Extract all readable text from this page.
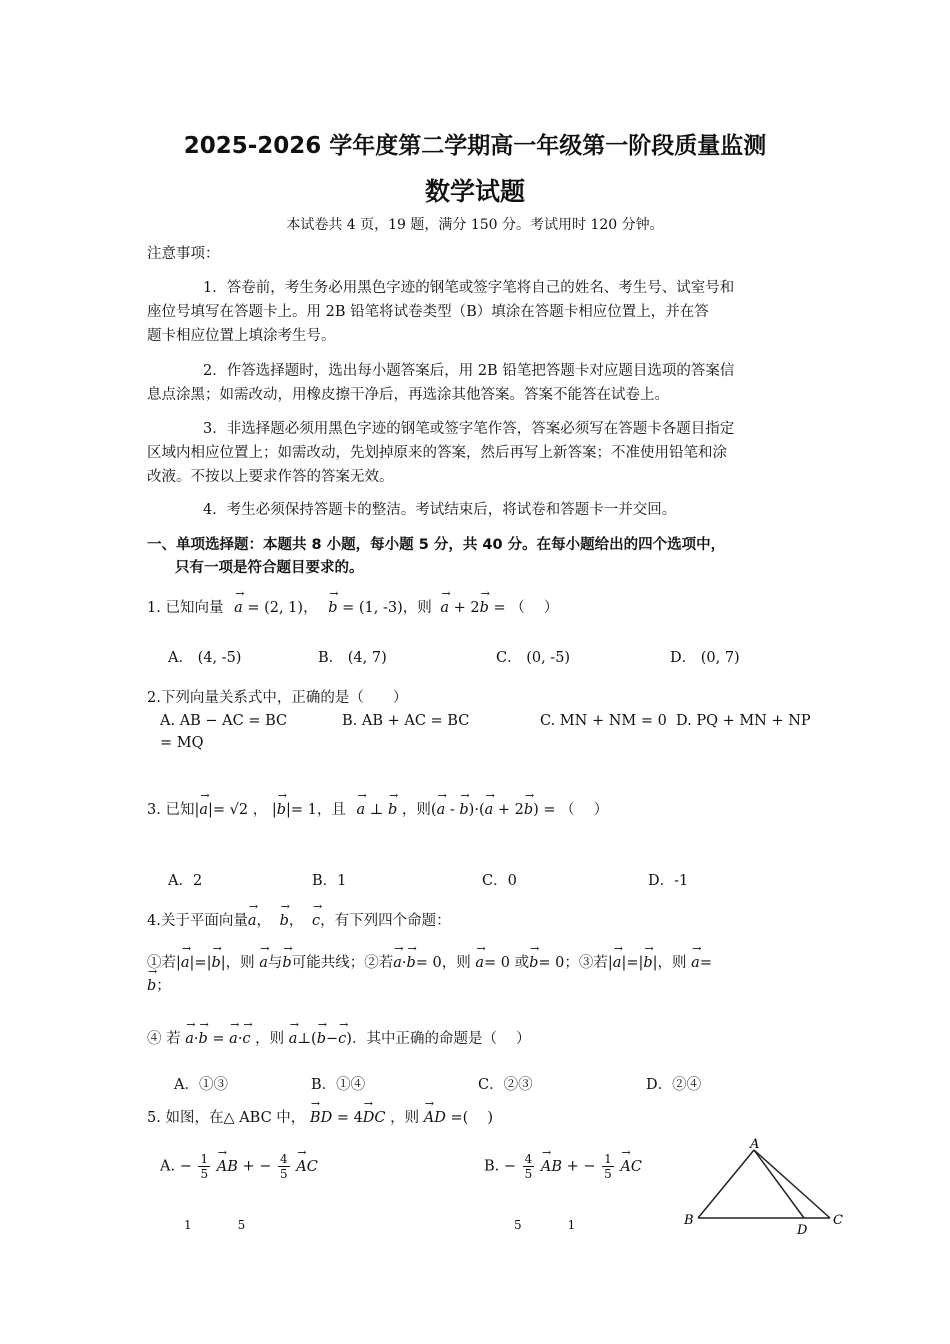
2025-2026 学年度第二学期高一年级第一阶段质量监测
数学试题
本试卷共 4 页，19 题，满分 150 分。考试用时 120 分钟。
注意事项：
1．答卷前，考生务必用黑色字迹的钢笔或签字笔将自己的姓名、考生号、试室号和
座位号填写在答题卡上。用 2B 铅笔将试卷类型（B）填涂在答题卡相应位置上，并在答
题卡相应位置上填涂考生号。
2．作答选择题时，选出每小题答案后，用 2B 铅笔把答题卡对应题目选项的答案信
息点涂黑；如需改动，用橡皮擦干净后，再选涂其他答案。答案不能答在试卷上。
3．非选择题必须用黑色字迹的钢笔或签字笔作答，答案必须写在答题卡各题目指定
区域内相应位置上；如需改动，先划掉原来的答案，然后再写上新答案；不准使用铅笔和涂
改液。不按以上要求作答的答案无效。
4．考生必须保持答题卡的整洁。考试结束后，将试卷和答题卡一并交回。
一、单项选择题：本题共 8 小题，每小题 5 分，共 40 分。在每小题给出的四个选项中，
只有一项是符合题目要求的。
1. 已知向量 → a = (2, 1)， → b = (1, -3)，则 → a + 2→ b = （　 ）
A． (4, -5)	B． (4, 7)	C． (0, -5)	D． (0, 7)
2.下列向量关系式中，正确的是（　　）
A. AB − AC = BC	B. AB + AC = BC	C. MN + NM = 0 D. PQ + MN + NP
= MQ
3. 已知|→ a|= √2 ， |→ b|= 1，且 → a ⊥ → b ，则(→ a - → b)·(→ a + 2→ b) = （　 ）
A．2	B．1	C．0	D．-1
4.关于平面向量→ a， → b， → c，有下列四个命题：
①若|→ a|=|→ b|，则 → a与→ b可能共线；②若→ a·→ b= 0，则 → a= 0 或→ b= 0；③若|→ a|=|→ b|，则 → a=
→ b；
④ 若 → a·→ b = → a·→ c ，则 → a⊥(→ b−→ c)．其中正确的命题是（　 ）
A．①③	B．①④	C．②③	D．②④
5. 如图，在△ ABC 中， → BD = 4→ DC ，则 → AD =(　 )
A. − $\frac{1}{5}$ → AB + − $\frac{4}{5}$ → AC	B. − $\frac{4}{5}$ → AB + − $\frac{1}{5}$ → AC
1	5	5	1
A
B	C
D
